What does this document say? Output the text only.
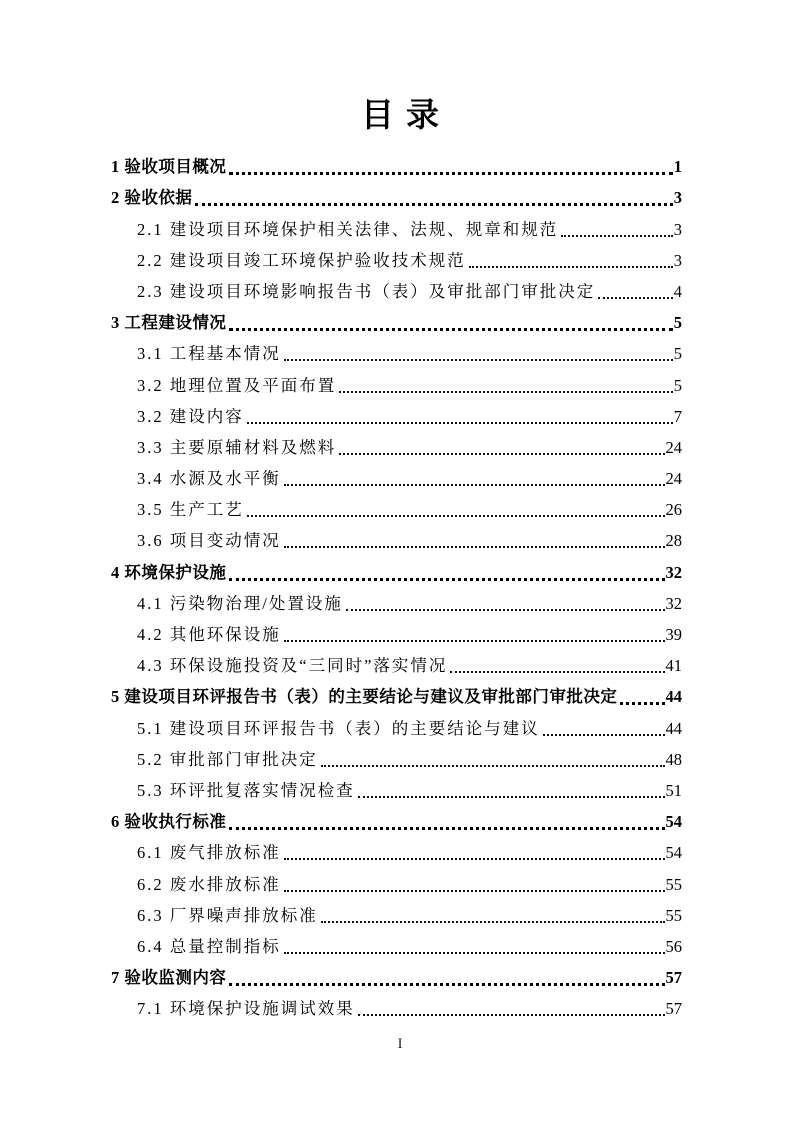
目录
1 验收项目概况	1
2 验收依据	3
2.1 建设项目环境保护相关法律、法规、规章和规范	3
2.2 建设项目竣工环境保护验收技术规范	3
2.3 建设项目环境影响报告书（表）及审批部门审批决定	4
3 工程建设情况	5
3.1 工程基本情况	5
3.2 地理位置及平面布置	5
3.2 建设内容	7
3.3 主要原辅材料及燃料	24
3.4 水源及水平衡	24
3.5 生产工艺	26
3.6 项目变动情况	28
4 环境保护设施	32
4.1 污染物治理/处置设施	32
4.2 其他环保设施	39
4.3 环保设施投资及“三同时”落实情况	41
5 建设项目环评报告书（表）的主要结论与建议及审批部门审批决定	44
5.1 建设项目环评报告书（表）的主要结论与建议	44
5.2 审批部门审批决定	48
5.3 环评批复落实情况检查	51
6 验收执行标准	54
6.1 废气排放标准	54
6.2 废水排放标准	55
6.3 厂界噪声排放标准	55
6.4 总量控制指标	56
7 验收监测内容	57
7.1 环境保护设施调试效果	57
I
